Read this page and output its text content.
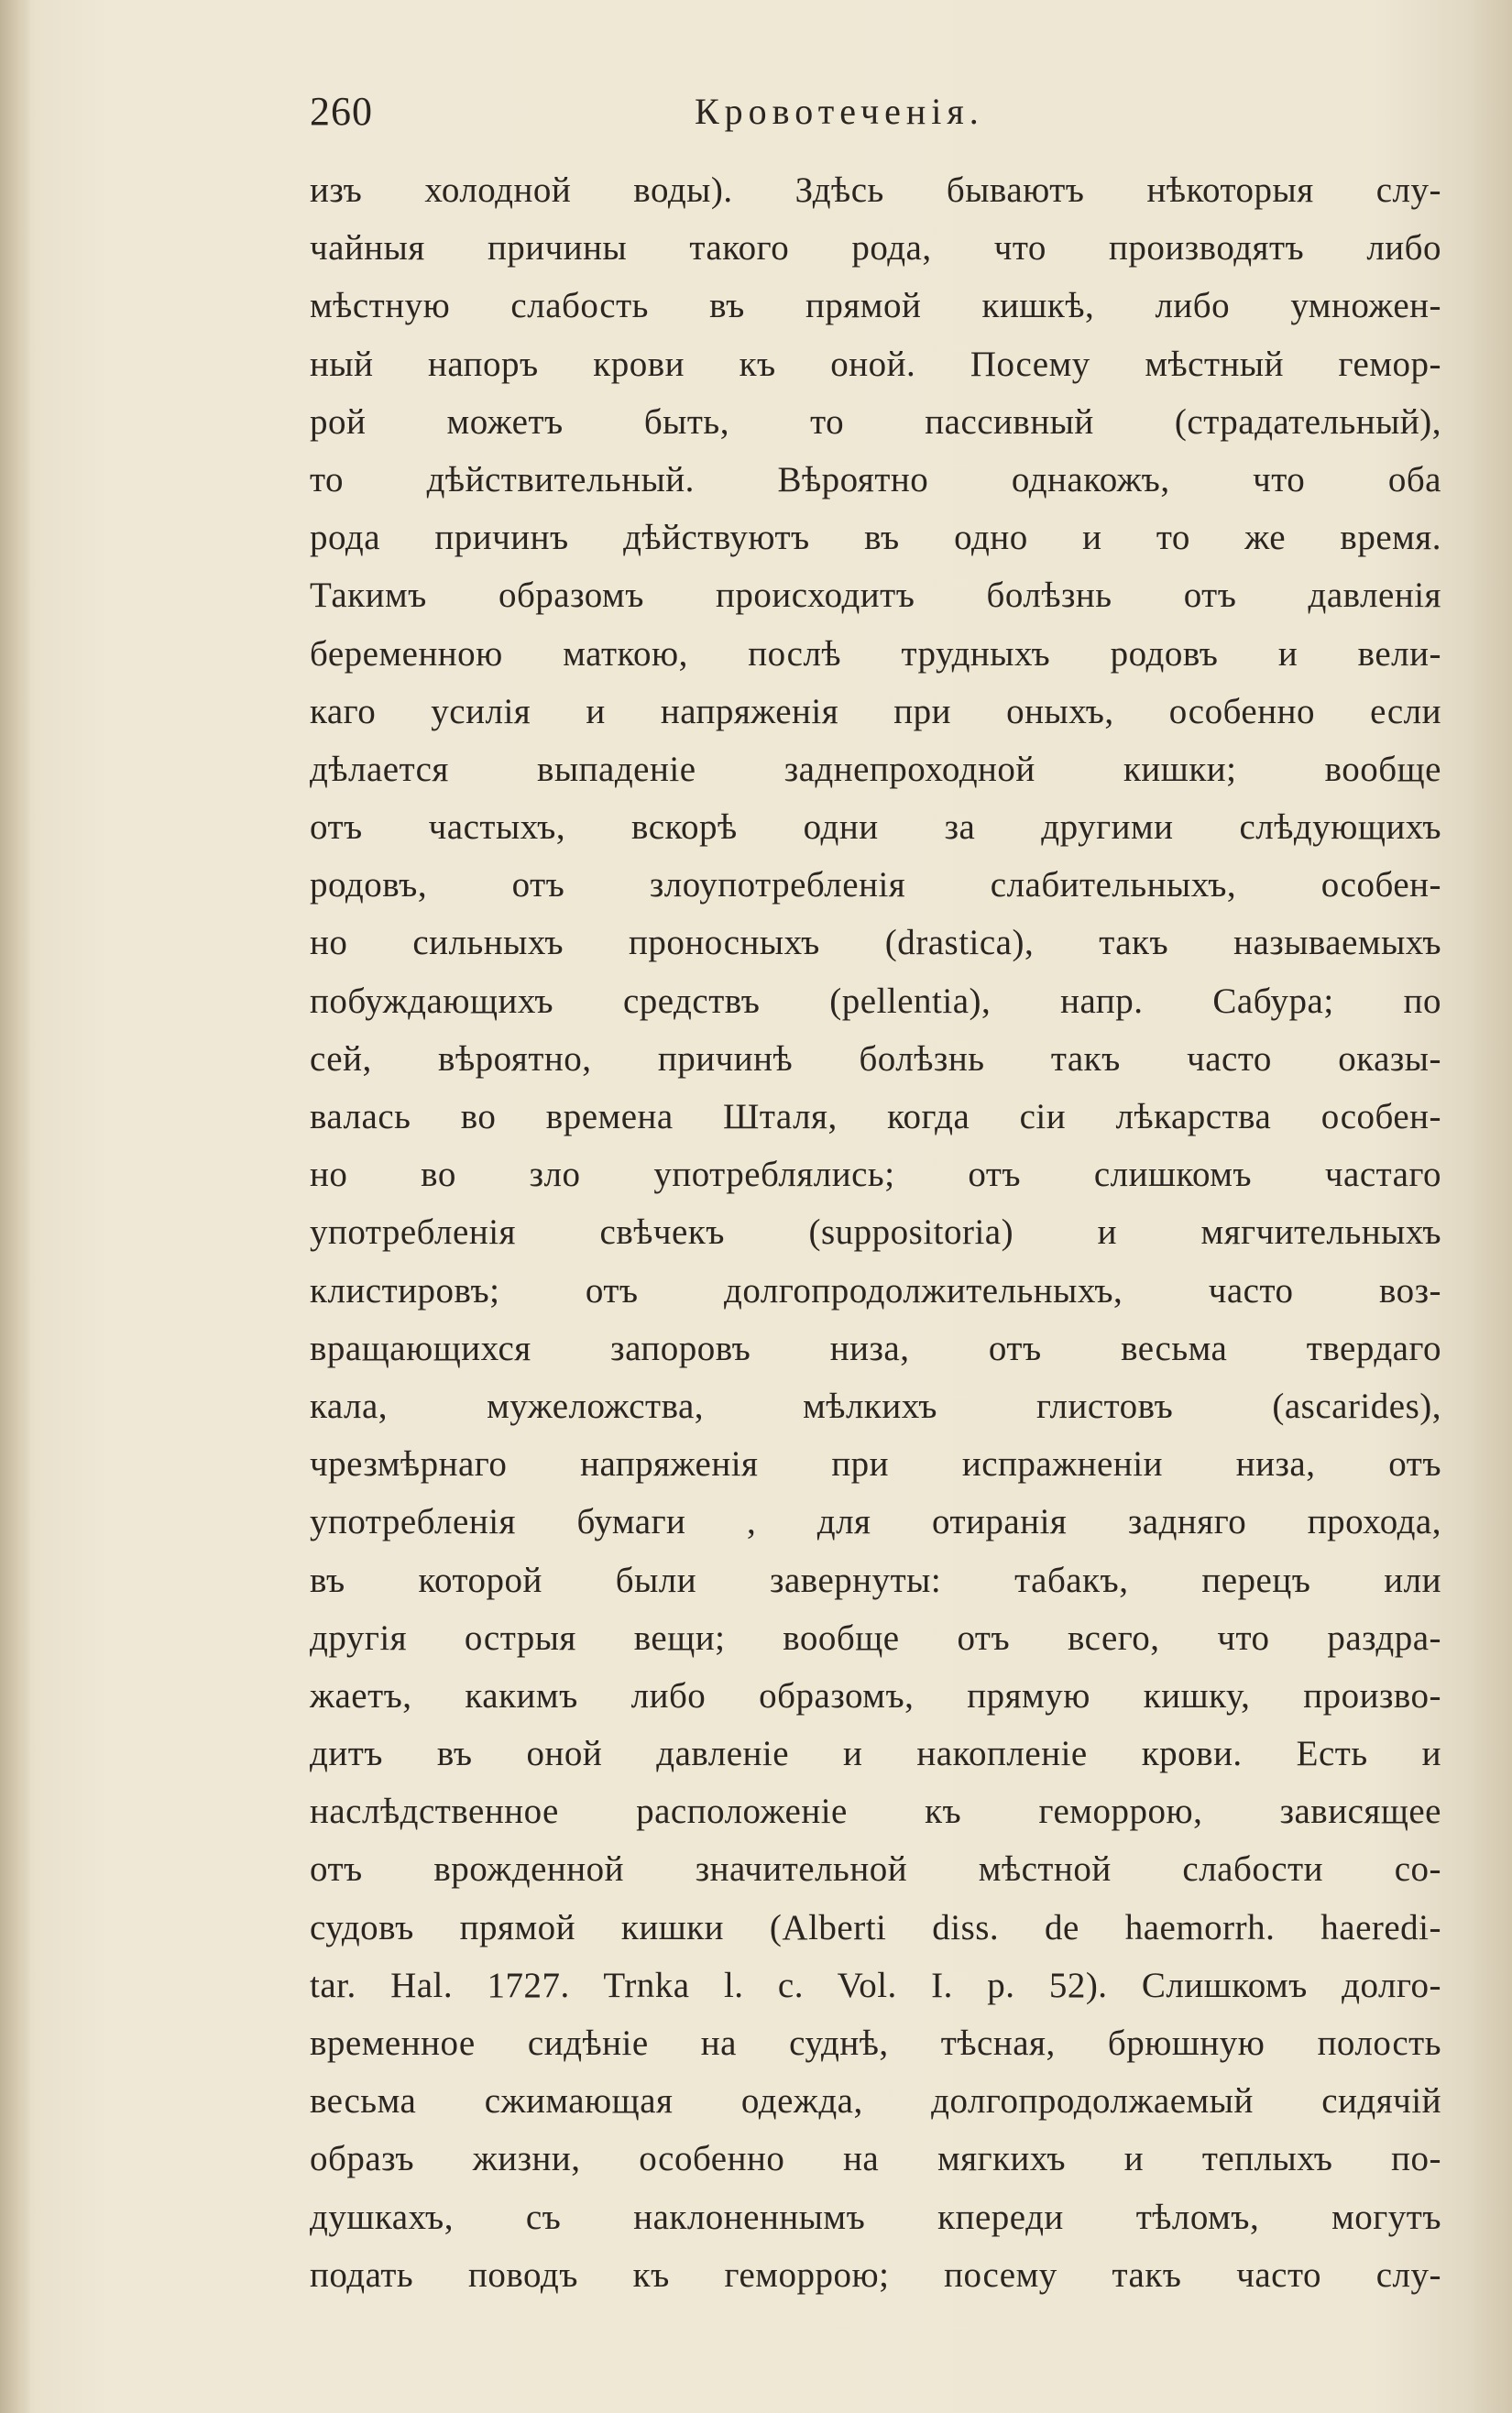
260	Кровотеченія.
изъ холодной воды). Здѣсь бываютъ нѣкоторыя слу-
чайныя причины такого рода, что производятъ либо
мѣстную слабость въ прямой кишкѣ, либо умножен-
ный напоръ крови къ оной. Посему мѣстный гемор-
рой можетъ быть, то пассивный (страдательный),
то дѣйствительный. Вѣроятно однакожъ, что оба
рода причинъ дѣйствуютъ въ одно и то же время.
Такимъ образомъ происходитъ болѣзнь отъ давленія
беременною маткою, послѣ трудныхъ родовъ и вели-
каго усилія и напряженія при оныхъ, особенно если
дѣлается выпаденіе заднепроходной кишки; вообще
отъ частыхъ, вскорѣ одни за другими слѣдующихъ
родовъ, отъ злоупотребленія слабительныхъ, особен-
но сильныхъ проносныхъ (drastica), такъ называемыхъ
побуждающихъ средствъ (pellentia), напр. Сабура; по
сей, вѣроятно, причинѣ болѣзнь такъ часто оказы-
валась во времена Шталя, когда сіи лѣкарства особен-
но во зло употреблялись; отъ слишкомъ частаго
употребленія свѣчекъ (suppositoria) и мягчительныхъ
клистировъ; отъ долгопродолжительныхъ, часто воз-
вращающихся запоровъ низа, отъ весьма твердаго
кала, мужеложства, мѣлкихъ глистовъ (ascarides),
чрезмѣрнаго напряженія при испражненіи низа, отъ
употребленія бумаги , для отиранія задняго прохода,
въ которой были завернуты: табакъ, перецъ или
другія острыя вещи; вообще отъ всего, что раздра-
жаетъ, какимъ либо образомъ, прямую кишку, произво-
дитъ въ оной давленіе и накопленіе крови. Есть и
наслѣдственное расположеніе къ геморрою, зависящее
отъ врожденной значительной мѣстной слабости со-
судовъ прямой кишки (Alberti diss. de haemorrh. haeredi-
tar. Hal. 1727. Trnka l. c. Vol. I. p. 52). Слишкомъ долго-
временное сидѣніе на суднѣ, тѣсная, брюшную полость
весьма сжимающая одежда, долгопродолжаемый сидячій
образъ жизни, особенно на мягкихъ и теплыхъ по-
душкахъ, съ наклоненнымъ кпереди тѣломъ, могутъ
подать поводъ къ геморрою; посему такъ часто слу-
